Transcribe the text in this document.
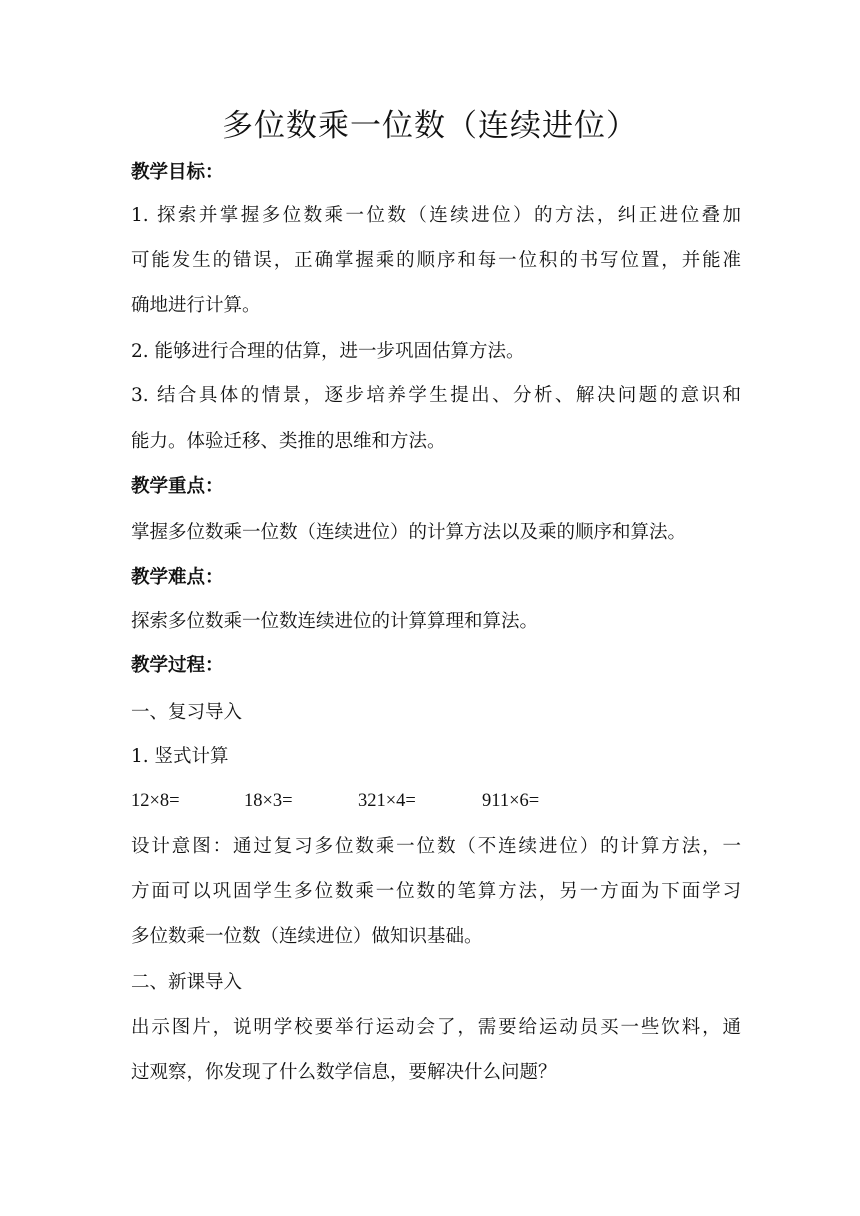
多位数乘一位数（连续进位）
教学目标：
1. 探索并掌握多位数乘一位数（连续进位）的方法，纠正进位叠加
可能发生的错误，正确掌握乘的顺序和每一位积的书写位置，并能准
确地进行计算。
2. 能够进行合理的估算，进一步巩固估算方法。
3. 结合具体的情景，逐步培养学生提出、分析、解决问题的意识和
能力。体验迁移、类推的思维和方法。
教学重点：
掌握多位数乘一位数（连续进位）的计算方法以及乘的顺序和算法。
教学难点：
探索多位数乘一位数连续进位的计算算理和算法。
教学过程：
一、复习导入
1. 竖式计算
12×8=	18×3=	321×4=	911×6=
设计意图：通过复习多位数乘一位数（不连续进位）的计算方法，一
方面可以巩固学生多位数乘一位数的笔算方法，另一方面为下面学习
多位数乘一位数（连续进位）做知识基础。
二、新课导入
出示图片，说明学校要举行运动会了，需要给运动员买一些饮料，通
过观察，你发现了什么数学信息，要解决什么问题？
